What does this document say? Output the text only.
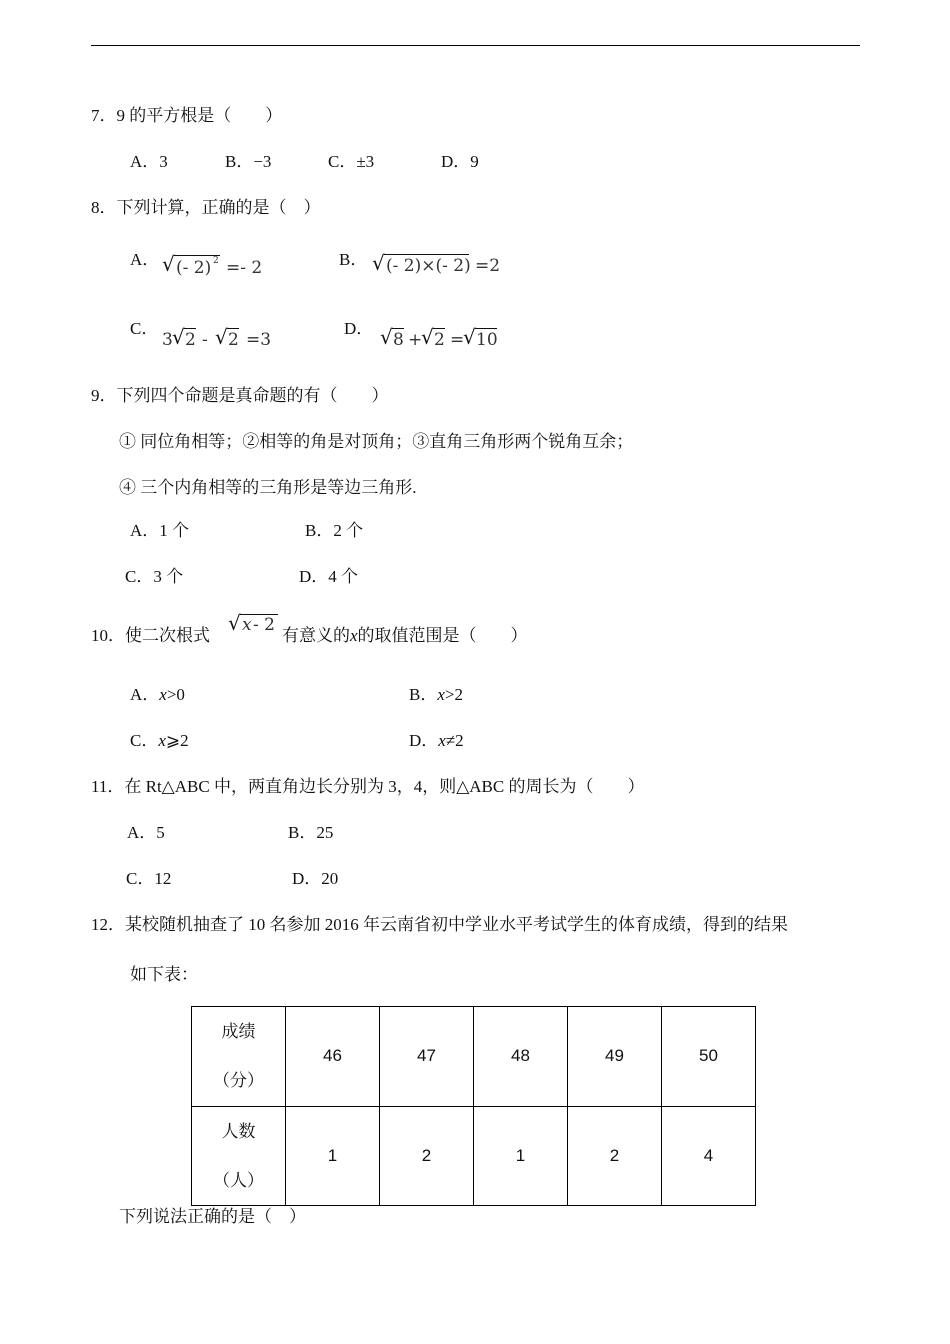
7．9 的平方根是（　　）
A．3	B．−3	C．±3	D．9
8．下列计算，正确的是（　）
A． √ (- 2) 2 =- 2	B． √ (- 2)×(- 2) =2
C．
3 √ 2 - √ 2 =3
D． √ 8 +
√ 2 =
√ 10
9．下列四个命题是真命题的有（　　）
① 同位角相等；②相等的角是对顶角；③直角三角形两个锐角互余；
④ 三个内角相等的三角形是等边三角形.
A．1 个	B．2 个
C．3 个	D．4 个
10．使二次根式
√ x - 2
有意义的x的取值范围是（　　）
A．x>0	B．x>2
C．x⩾2	D．x≠2
11．在 Rt△ABC 中，两直角边长分别为 3，4，则△ABC 的周长为（　　）
A．5	B．25
C．12	D．20
12．某校随机抽查了 10 名参加 2016 年云南省初中学业水平考试学生的体育成绩，得到的结果
如下表：
成绩
（分）	46	47	48	49	50
人数
（人）	1	2	1	2	4
下列说法正确的是（　）
